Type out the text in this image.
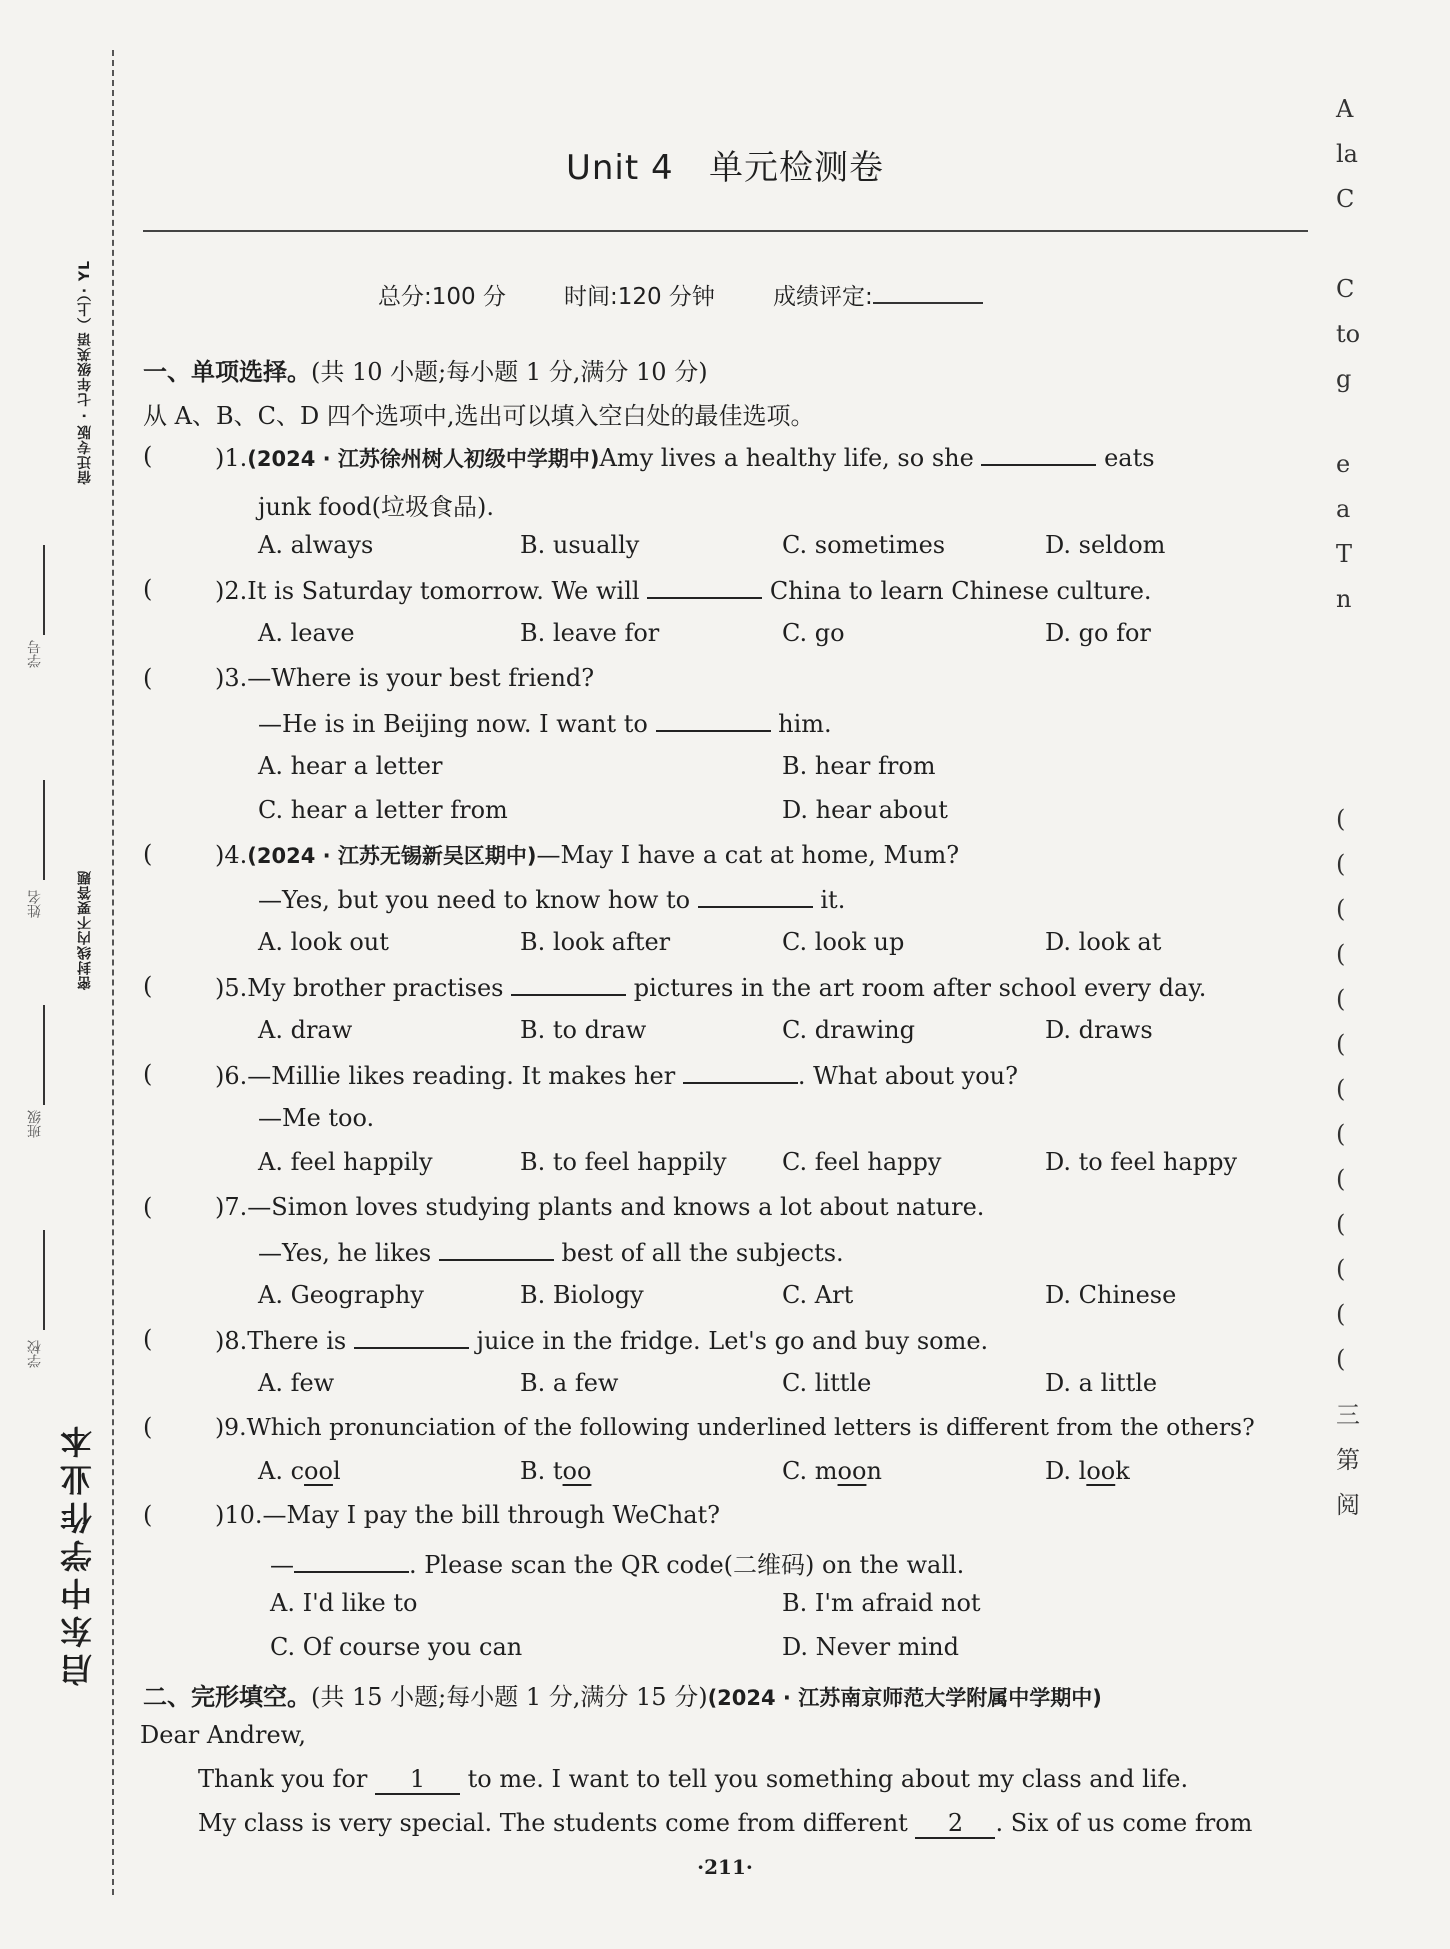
宿迁专版 · 七年级英语（上）· YL
密封线内不要答题
启东中学作业本
学号
姓名
班级
学校
A
la
C
C
to
g
e
a
T
n
(
(
(
(
(
(
(
(
(
(
(
(
(
三
第
阅
Unit 4   单元检测卷
总分:100 分	时间:120 分钟	成绩评定:
一、单项选择。(共 10 小题;每小题 1 分,满分 10 分)
从 A、B、C、D 四个选项中,选出可以填入空白处的最佳选项。
(	)1.(2024 · 江苏徐州树人初级中学期中)Amy lives a healthy life, so she	eats
junk food(垃圾食品).
A. always	B. usually	C. sometimes	D. seldom
(	)2.It is Saturday tomorrow. We will	China to learn Chinese culture.
A. leave	B. leave for	C. go	D. go for
(	)3.—Where is your best friend?
—He is in Beijing now. I want to	him.
A. hear a letter	B. hear from
C. hear a letter from	D. hear about
(	)4.(2024 · 江苏无锡新吴区期中)—May I have a cat at home, Mum?
—Yes, but you need to know how to	it.
A. look out	B. look after	C. look up	D. look at
(	)5.My brother practises	pictures in the art room after school every day.
A. draw	B. to draw	C. drawing	D. draws
(	)6.—Millie likes reading. It makes her	. What about you?
—Me too.
A. feel happily	B. to feel happily C. feel happy	D. to feel happy
(	)7.—Simon loves studying plants and knows a lot about nature.
—Yes, he likes	best of all the subjects.
A. Geography	B. Biology	C. Art	D. Chinese
(	)8.There is	juice in the fridge. Let's go and buy some.
A. few	B. a few	C. little	D. a little
(	)9.Which pronunciation of the following underlined letters is different from the others?
A. cool	B. too	C. moon	D. look
(	)10.—May I pay the bill through WeChat?
—	. Please scan the QR code(二维码) on the wall.
A. I'd like to	B. I'm afraid not
C. Of course you can	D. Never mind
二、完形填空。(共 15 小题;每小题 1 分,满分 15 分)(2024 · 江苏南京师范大学附属中学期中)
Dear Andrew,
Thank you for 1 to me. I want to tell you something about my class and life.
My class is very special. The students come from different 2 . Six of us come from
·211·
